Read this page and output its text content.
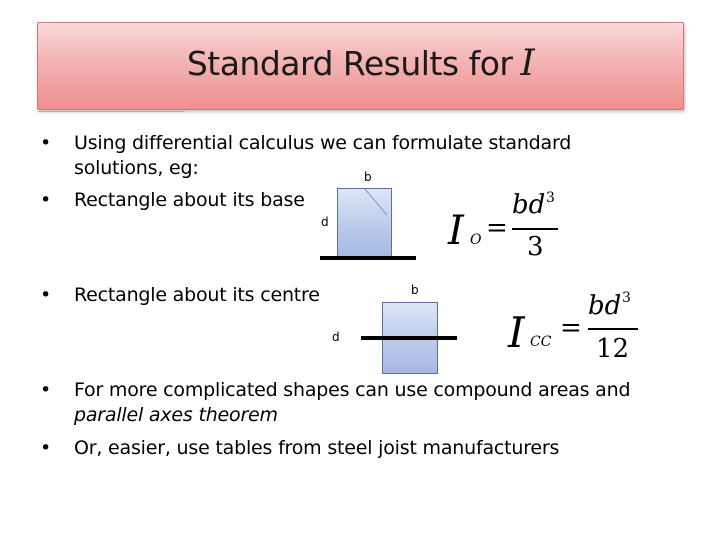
Standard Results for I
• Using differential calculus we can formulate standard
solutions, eg:
• Rectangle about its base
b
d	I O =
bd 3
3
• Rectangle about its centre	b
d	I CC =
bd 3
12
• For more complicated shapes can use compound areas and
parallel axes theorem
• Or, easier, use tables from steel joist manufacturers
